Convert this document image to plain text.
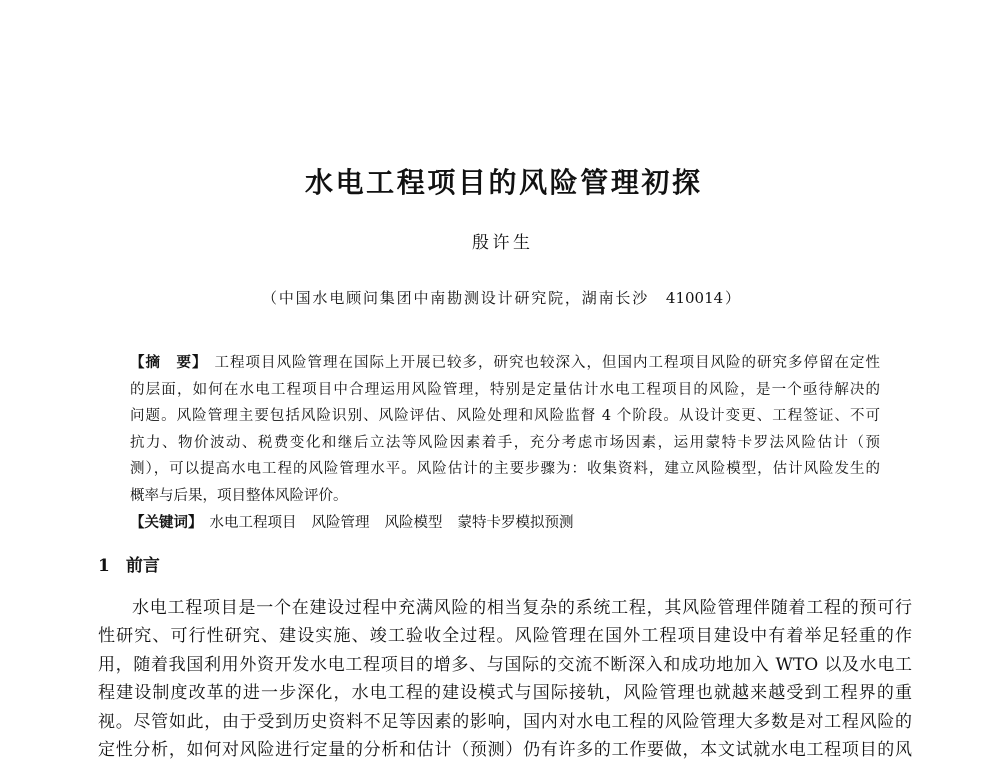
水电工程项目的风险管理初探
殷许生
（中国水电顾问集团中南勘测设计研究院，湖南长沙　410014）
【摘　要】 工程项目风险管理在国际上开展已较多，研究也较深入，但国内工程项目风险的研究多停留在定性
的层面，如何在水电工程项目中合理运用风险管理，特别是定量估计水电工程项目的风险，是一个亟待解决的
问题。风险管理主要包括风险识别、风险评估、风险处理和风险监督 4 个阶段。从设计变更、工程签证、不可
抗力、物价波动、税费变化和继后立法等风险因素着手，充分考虑市场因素，运用蒙特卡罗法风险估计（预
测），可以提高水电工程的风险管理水平。风险估计的主要步骤为：收集资料，建立风险模型，估计风险发生的
概率与后果，项目整体风险评价。
【关键词】 水电工程项目 风险管理 风险模型 蒙特卡罗模拟预测
1 前言
水电工程项目是一个在建设过程中充满风险的相当复杂的系统工程，其风险管理伴随着工程的预可行
性研究、可行性研究、建设实施、竣工验收全过程。风险管理在国外工程项目建设中有着举足轻重的作
用，随着我国利用外资开发水电工程项目的增多、与国际的交流不断深入和成功地加入 WTO 以及水电工
程建设制度改革的进一步深化，水电工程的建设模式与国际接轨，风险管理也就越来越受到工程界的重
视。尽管如此，由于受到历史资料不足等因素的影响，国内对水电工程的风险管理大多数是对工程风险的
定性分析，如何对风险进行定量的分析和估计（预测）仍有许多的工作要做，本文试就水电工程项目的风
